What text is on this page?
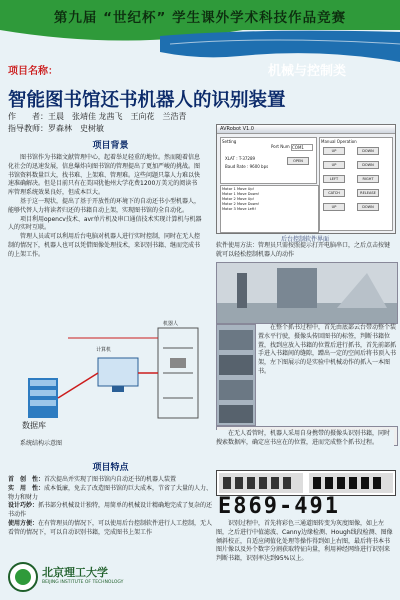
第九届 “世纪杯” 学生课外学术科技作品竞赛
项目名称：	机械与控制类
智能图书馆还书机器人的识别装置
作　　者：王晨　张靖佳 龙茜飞　王向花　兰浩青
指导教师：罗森林　史树敏
项目背景

图书馆作为书籍文献管理中心，起着举足轻重的地位。然而随着信息化社会的迅速发展，信息爆炸向图书馆的管理提出了更加严峻的挑战。图书馆资料数量巨大，找书难、上架难、管理难。这些问题只靠人力难以快速准确解决。但是目前只有在美国犹他州大学花费1200万美元的阅读书库管理系统效果良好，但成本巨大。

基于这一现状，提出了基于开放性的环境下的自动还书小型机器人，能够代替人力将读者归还的书籍自动上架，实现图书馆的全自动化。

项目利用opencv技术、avr单片机及串口通信技术实现计算机与机器人的实时互联。

管理人员或可以利用后台电脑对机器人进行实时控制，同时在无人控制的情况下，机器人也可以凭借图像处理技术，来识别书籍、继而完成书的上架工作。

数据库
计算机
机器人
系统结构示意图
项目特点
首　创　性：首次提出并实现了图书馆内自动还书的机器人装置
实　用　性：成本低廉，免去了改造图书馆的巨大成本，节省了大量的人力、物力和财力
设计巧妙：抓书部分机械设计独特，用简单的机械设计精确地完成了复杂的还书动作
使用方便：在有管理员的情况下，可以使用后台控制软件进行人工控制，无人看管的情况下，可以自动识别书籍，完成图书上架工作
北京理工大学
BEIJING INSTITUTE OF TECHNOLOGY
AVRobot V1.0
Setting
Port Num COM1
XLAT : T-37289
Baud Rate : 9600 bps
OPEN
Manual Operation
UP	DOWN
UP	DOWN
LEFT	RIGHT
CATCH	RELEASE
UP	DOWN
Motor 1 Move Up!
Motor 1 Move Down!
Motor 2 Move Up!
Motor 2 Move Down!
Motor 3 Move Left!
后台控制软件界面
软件使用方法：管理员只需按照提示打开电脑串口，之后点击按键就可以轻松控制机器人的动作
在整个抓书过程中，首先由底部云台带动整个装置水平行驶，摄像头传回图书的标签，判断书籍位置，找到应放入书籍的位置后进行抓书，首先前部抓手进入书籍间的缝隙，蹭出一定的空间后将书顶入书架，左下图展示的是实验中机械动作的抓入一本图书。
在无人看管时，机器人采用自身携带的摄像头识别书籍，同时搜索数据库，确定应书应在的位置，进而完成整个抓书过程。
E869-491
识别过程中，首先将彩色三通道图转变为灰度图像，如上左图，之后进行中值滤波、Canny边缘检测、Hough线段检测、图像倾斜校正，自适应阈值化处理等操作得到如上右图，最后将书本书图片像以及外个数字分割获取特征向量，利用神经网络进行识别来判断书籍，识别率达到95%以上。
